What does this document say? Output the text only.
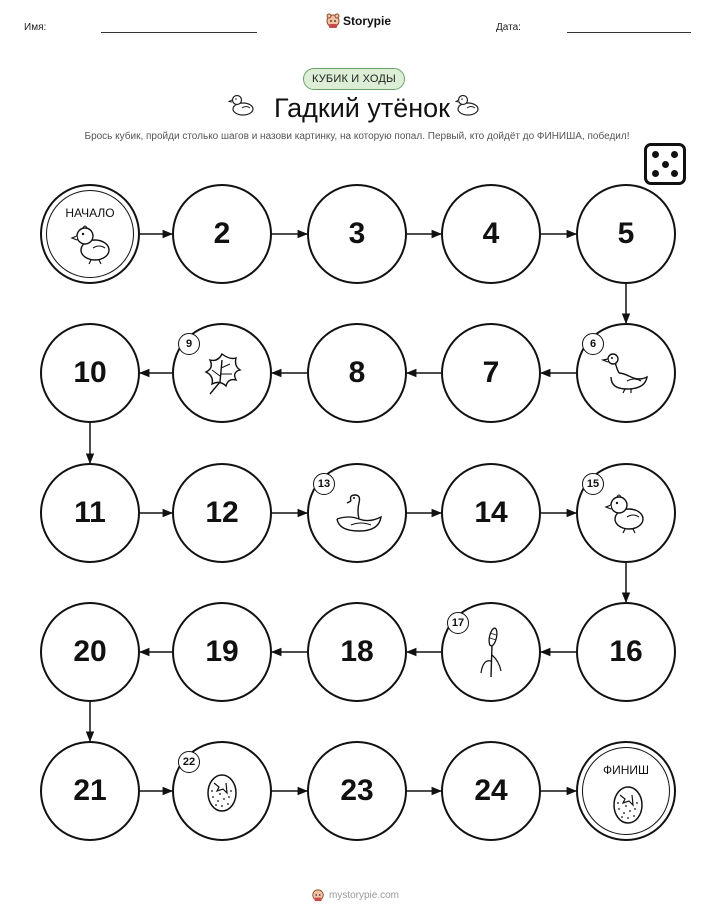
Имя:	Storypie	Дата:
КУБИК И ХОДЫ
Гадкий утёнок
Брось кубик, пройди столько шагов и назови картинку, на которую попал. Первый, кто дойдёт до ФИНИША, победил!
НАЧАЛО
2	3	4	5
6
7
8
9
10
11	12
13
14
15
16
17
18
19
20
21
22
23	24
ФИНИШ
mystorypie.com
